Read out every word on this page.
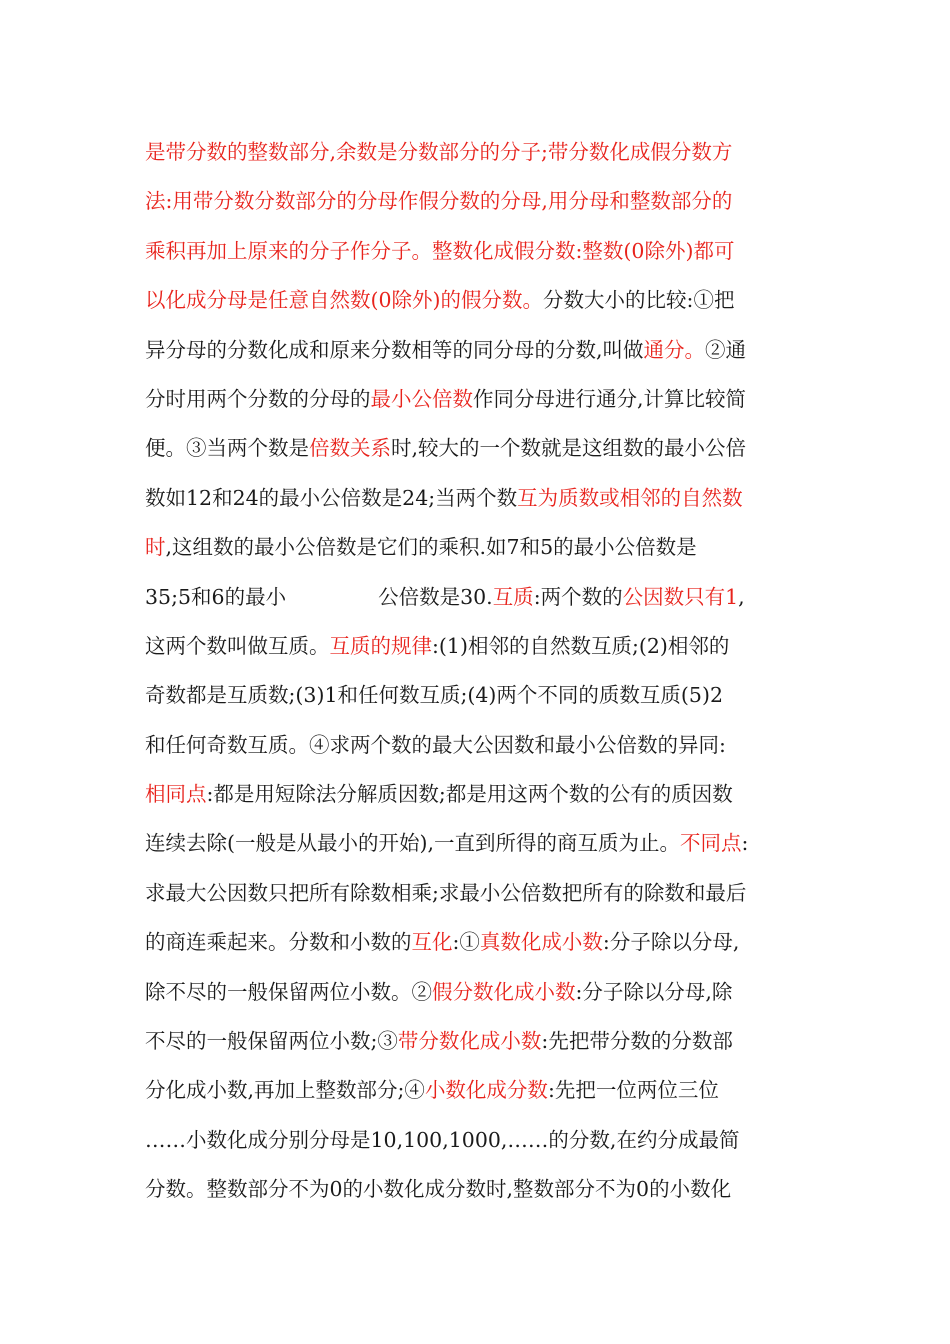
是带分数的整数部分,余数是分数部分的分子;带分数化成假分数方
法:用带分数分数部分的分母作假分数的分母,用分母和整数部分的
乘积再加上原来的分子作分子。整数化成假分数:整数(0除外)都可
以化成分母是任意自然数(0除外)的假分数。分数大小的比较:①把
异分母的分数化成和原来分数相等的同分母的分数,叫做通分。②通
分时用两个分数的分母的最小公倍数作同分母进行通分,计算比较简
便。③当两个数是倍数关系时,较大的一个数就是这组数的最小公倍
数如12和24的最小公倍数是24;当两个数互为质数或相邻的自然数
时,这组数的最小公倍数是它们的乘积.如7和5的最小公倍数是
35;5和6的最小	公倍数是30.互质:两个数的公因数只有1,
这两个数叫做互质。互质的规律:(1)相邻的自然数互质;(2)相邻的
奇数都是互质数;(3)1和任何数互质;(4)两个不同的质数互质(5)2
和任何奇数互质。④求两个数的最大公因数和最小公倍数的异同:
相同点:都是用短除法分解质因数;都是用这两个数的公有的质因数
连续去除(一般是从最小的开始),一直到所得的商互质为止。不同点:
求最大公因数只把所有除数相乘;求最小公倍数把所有的除数和最后
的商连乘起来。分数和小数的互化:①真数化成小数:分子除以分母,
除不尽的一般保留两位小数。②假分数化成小数:分子除以分母,除
不尽的一般保留两位小数;③带分数化成小数:先把带分数的分数部
分化成小数,再加上整数部分;④小数化成分数:先把一位两位三位
……小数化成分别分母是10,100,1000,……的分数,在约分成最简
分数。整数部分不为0的小数化成分数时,整数部分不为0的小数化
